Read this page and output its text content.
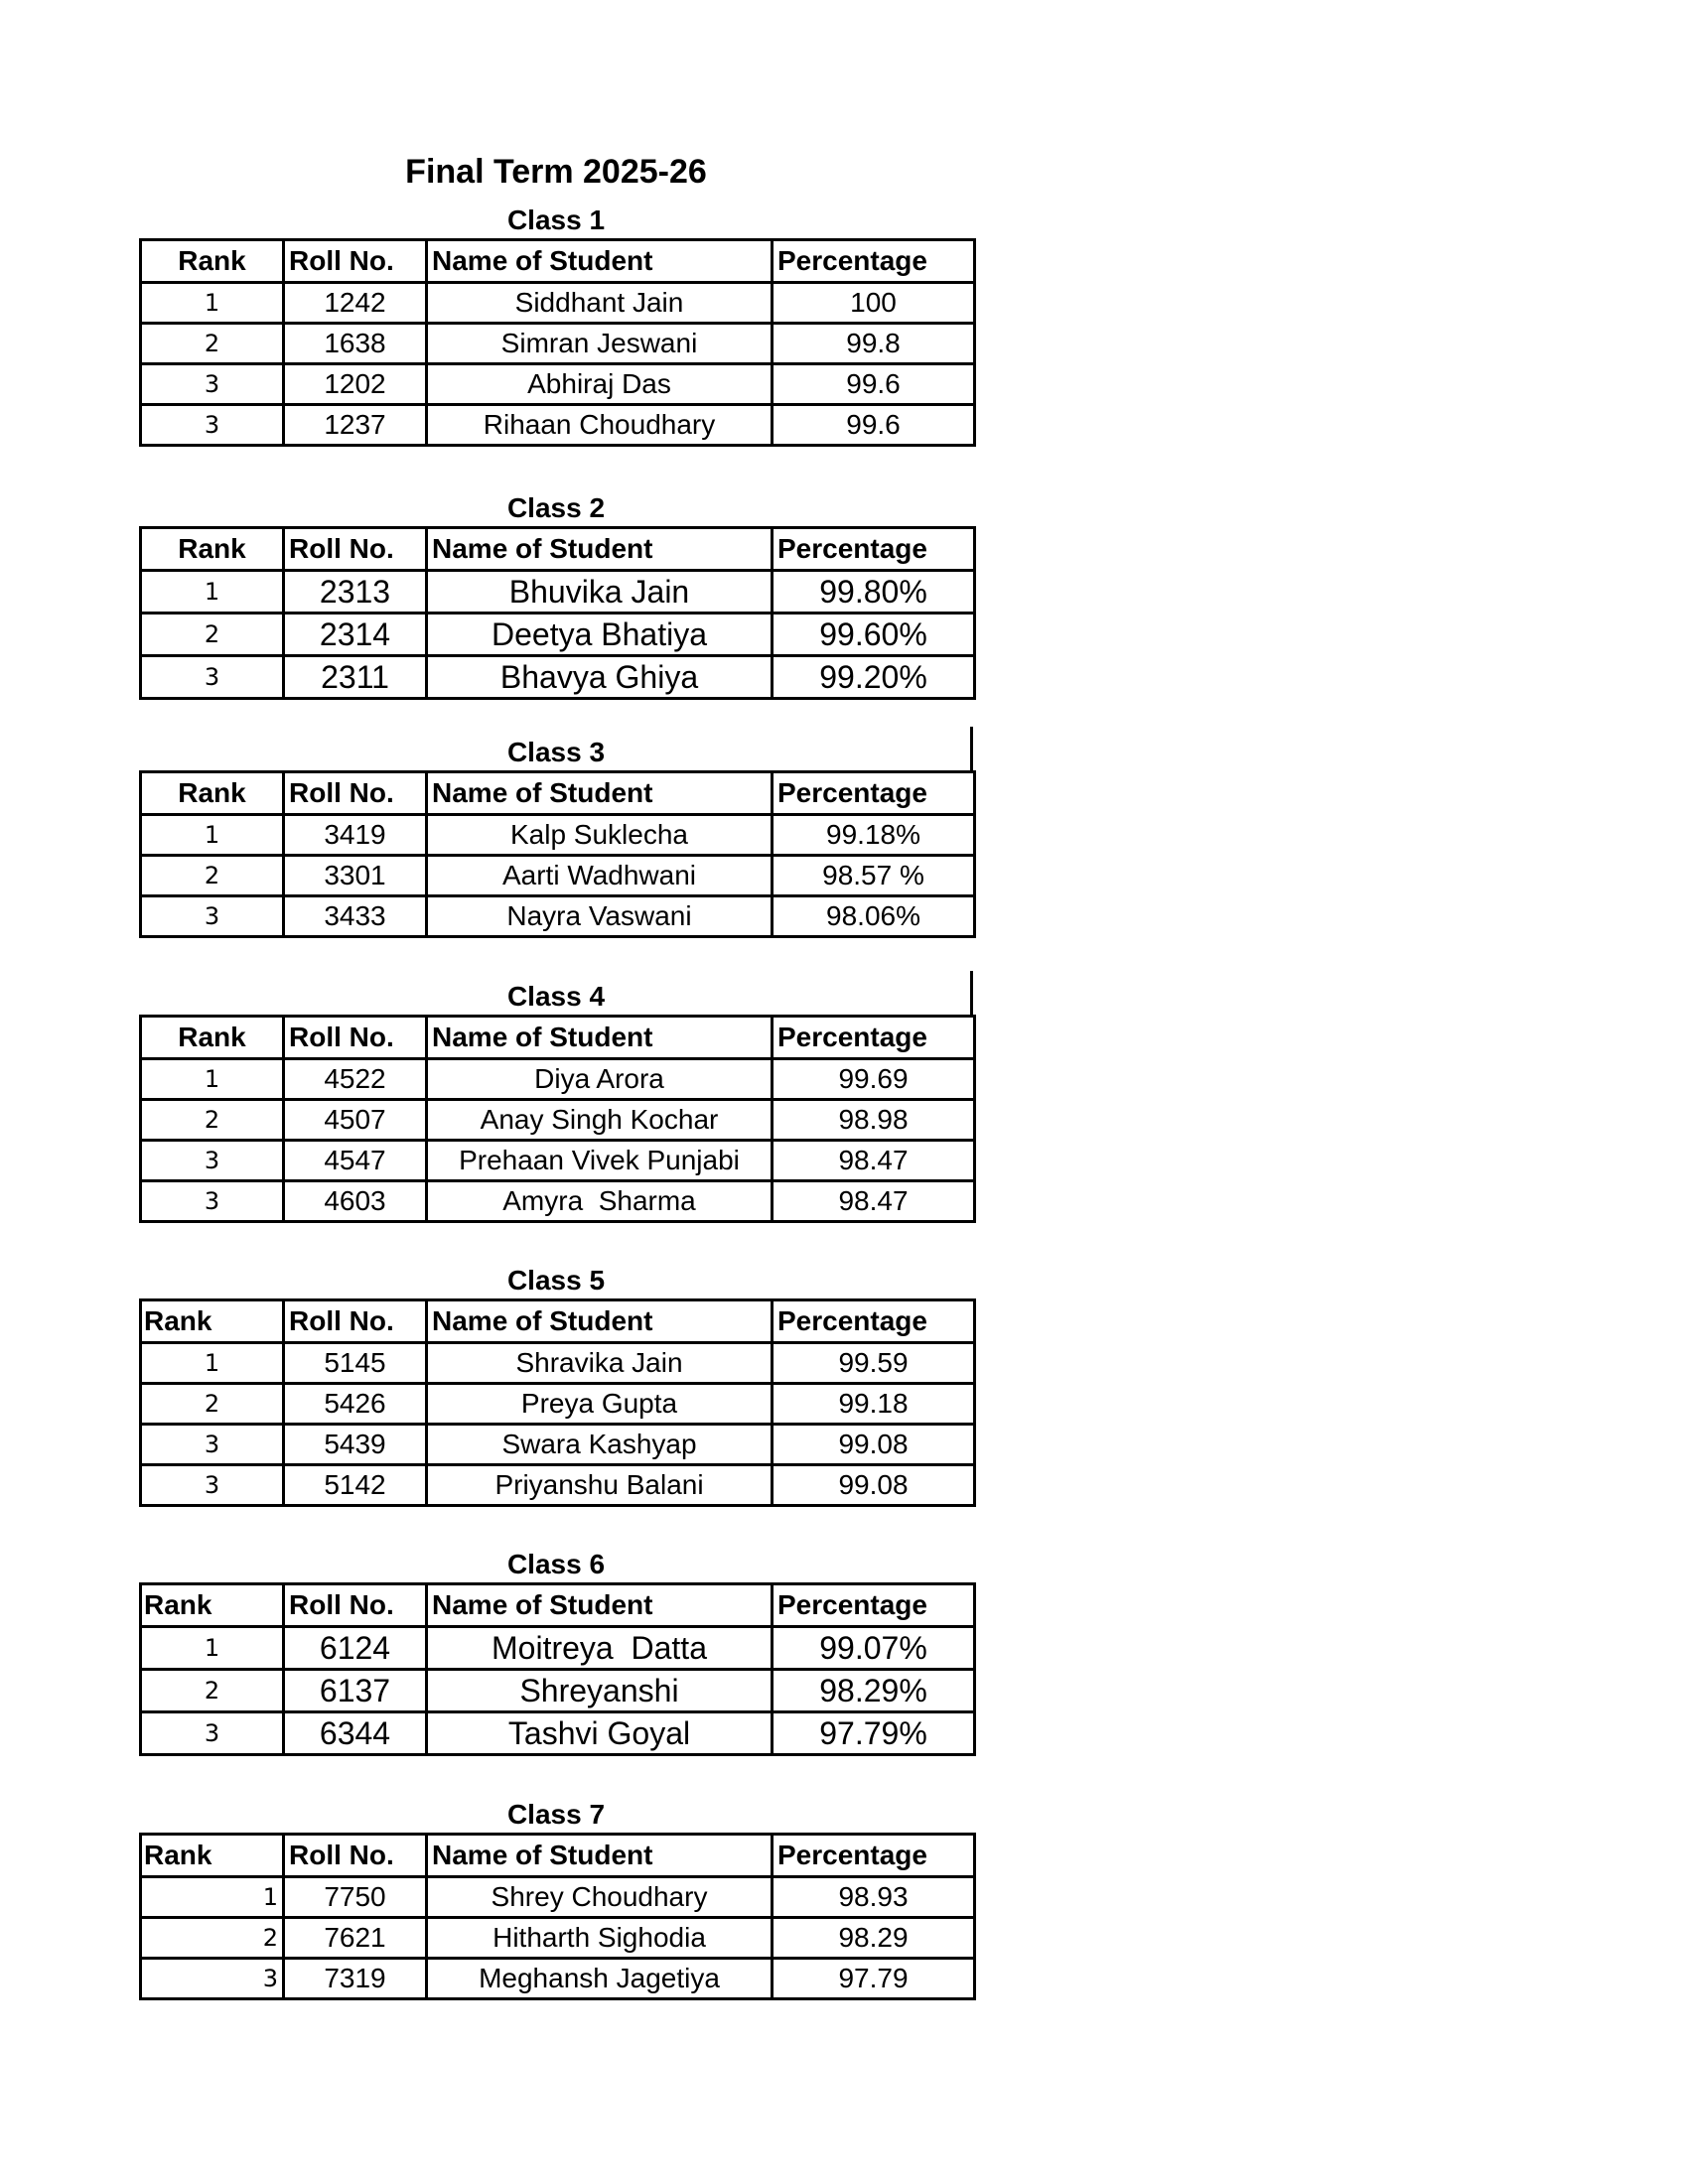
Final Term 2025-26
Class 1
Rank	Roll No.	Name of Student	Percentage
1	1242	Siddhant Jain	100
2	1638	Simran Jeswani	99.8
3	1202	Abhiraj Das	99.6
3	1237	Rihaan Choudhary	99.6
Class 2
Rank	Roll No.	Name of Student	Percentage
1	2313	Bhuvika Jain	99.80%
2	2314	Deetya Bhatiya	99.60%
3	2311	Bhavya Ghiya	99.20%
Class 3
Rank	Roll No.	Name of Student	Percentage
1	3419	Kalp Suklecha	99.18%
2	3301	Aarti Wadhwani	98.57 %
3	3433	Nayra Vaswani	98.06%
Class 4
Rank	Roll No.	Name of Student	Percentage
1	4522	Diya Arora	99.69
2	4507	Anay Singh Kochar	98.98
3	4547	Prehaan Vivek Punjabi	98.47
3	4603	Amyra  Sharma	98.47
Class 5
Rank	Roll No.	Name of Student	Percentage
1	5145	Shravika Jain	99.59
2	5426	Preya Gupta	99.18
3	5439	Swara Kashyap	99.08
3	5142	Priyanshu Balani	99.08
Class 6
Rank	Roll No.	Name of Student	Percentage
1	6124	Moitreya  Datta	99.07%
2	6137	Shreyanshi	98.29%
3	6344	Tashvi Goyal	97.79%
Class 7
Rank	Roll No.	Name of Student	Percentage
1	7750	Shrey Choudhary	98.93
2	7621	Hitharth Sighodia	98.29
3	7319	Meghansh Jagetiya	97.79
